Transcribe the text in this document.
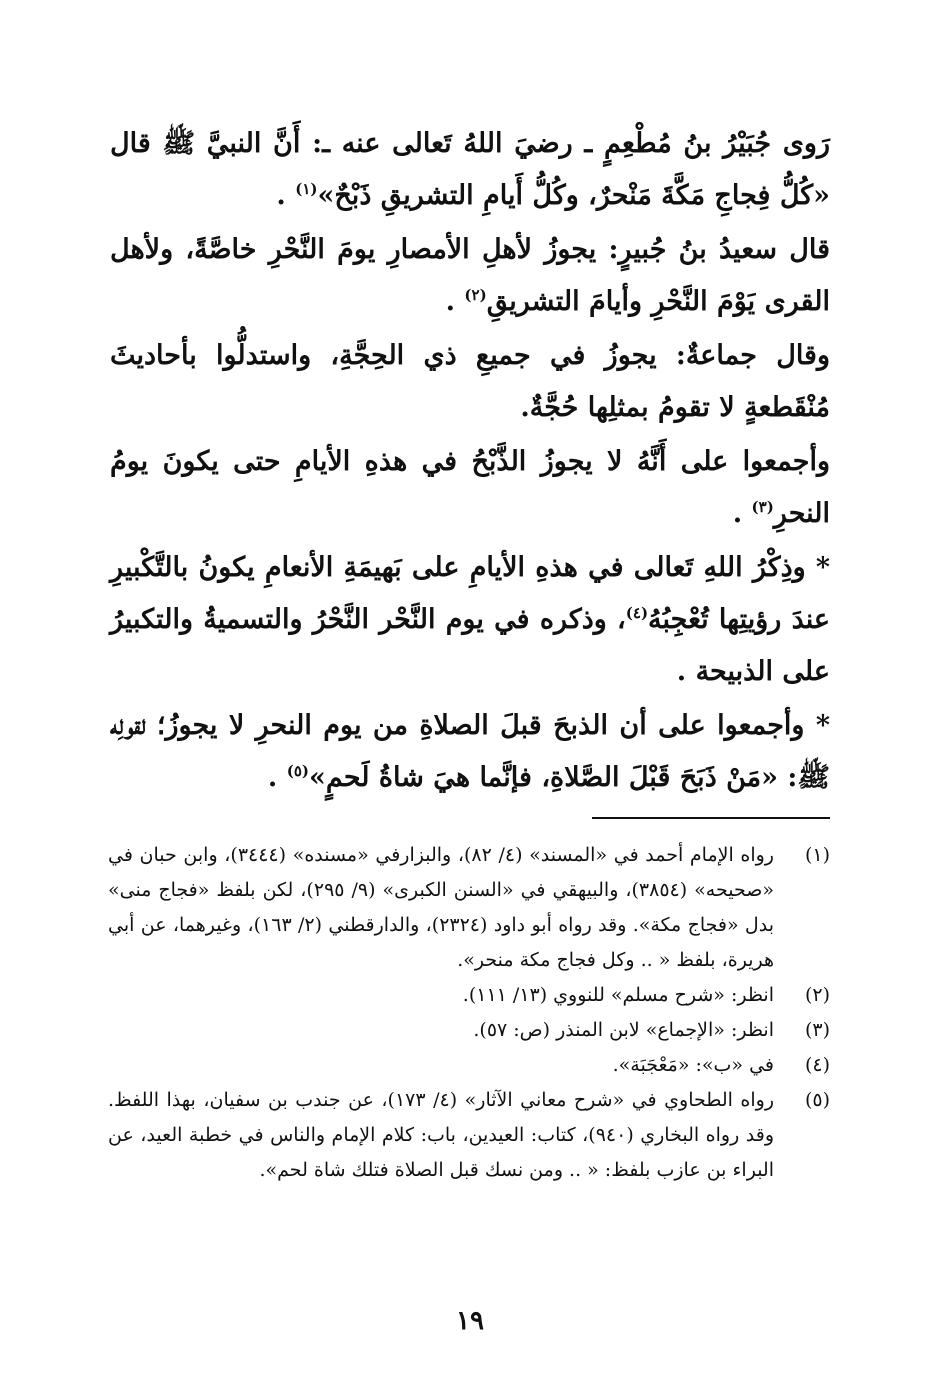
رَوى جُبَيْرُ بنُ مُطْعِمٍ ـ رضيَ اللهُ تَعالى عنه ـ: أَنَّ النبيَّ ﷺ قال «كُلُّ فِجاجِ مَكَّةَ مَنْحرٌ، وكُلُّ أَيامِ التشريقِ ذَبْحٌ»$^{(١)}$ .

قال سعيدُ بنُ جُبيرٍ: يجوزُ لأهلِ الأمصارِ يومَ النَّحْرِ خاصَّةً، ولأهل القرى يَوْمَ النَّحْرِ وأيامَ التشريقِ$^{(٢)}$ .

وقال جماعةٌ: يجوزُ في جميعِ ذي الحِجَّةِ، واستدلُّوا بأحاديثَ مُنْقَطعةٍ لا تقومُ بمثلِها حُجَّةٌ.

وأجمعوا على أَنَّهُ لا يجوزُ الذَّبْحُ في هذهِ الأيامِ حتى يكونَ يومُ النحرِ$^{(٣)}$ .

* وذِكْرُ اللهِ تَعالى في هذهِ الأيامِ على بَهيمَةِ الأنعامِ يكونُ بالتَّكْبيرِ عندَ رؤيتِها تُعْجِبُهُ$^{(٤)}$، وذكره في يوم النَّحْر النَّحْرُ والتسميةُ والتكبيرُ على الذبيحة .

* وأجمعوا على أن الذبحَ قبلَ الصلاةِ من يوم النحرِ لا يجوزُ؛ لقولِه ﷺ: «مَنْ ذَبَحَ قَبْلَ الصَّلاةِ، فإنَّما هيَ شاةُ لَحمٍ»$^{(٥)}$ .

(١)
رواه الإمام أحمد في «المسند» (٤/ ٨٢)، والبزارفي «مسنده» (٣٤٤٤)، وابن حبان في «صحيحه» (٣٨٥٤)، والبيهقي في «السنن الكبرى» (٩/ ٢٩٥)، لكن بلفظ «فجاج منى» بدل «فجاج مكة». وقد رواه أبو داود (٢٣٢٤)، والدارقطني (٢/ ١٦٣)، وغيرهما، عن أبي هريرة، بلفظ « .. وكل فجاج مكة منحر».
(٢)
انظر: «شرح مسلم» للنووي (١٣/ ١١١).
(٣)
انظر: «الإجماع» لابن المنذر (ص: ٥٧).
(٤)
في «ب»: «مَعْجَبَة».
(٥)
رواه الطحاوي في «شرح معاني الآثار» (٤/ ١٧٣)، عن جندب بن سفيان، بهذا اللفظ. وقد رواه البخاري (٩٤٠)، كتاب: العيدين، باب: كلام الإمام والناس في خطبة العيد، عن البراء بن عازب بلفظ: « .. ومن نسك قبل الصلاة فتلك شاة لحم».
١٩
